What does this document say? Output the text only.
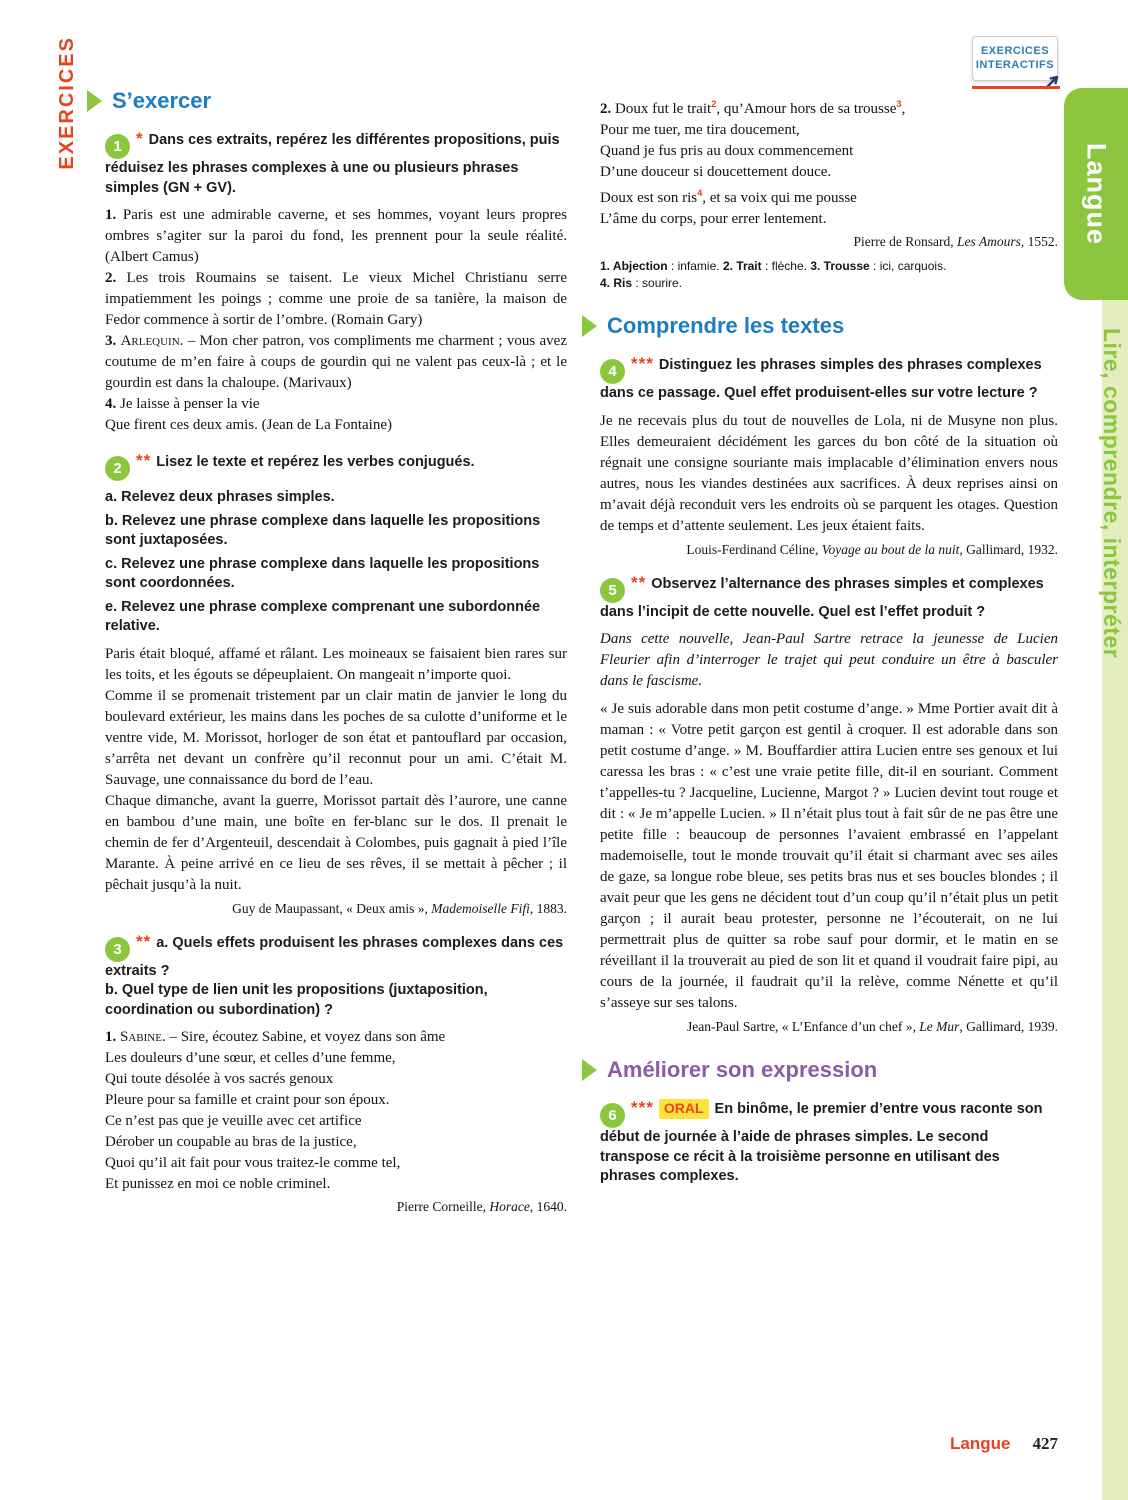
EXERCICES	EXERCICES
INTERACTIFS
Langue
Lire, comprendre, interpréter
S’exercer

1 * Dans ces extraits, repérez les différentes propositions, puis réduisez les phrases complexes à une ou plusieurs phrases simples (GN + GV).

1. Paris est une admirable caverne, et ses hommes, voyant leurs propres ombres s’agiter sur la paroi du fond, les prennent pour la seule réalité. (Albert Camus)
2. Les trois Roumains se taisent. Le vieux Michel Christianu serre impatiemment les poings ; comme une proie de sa tanière, la maison de Fedor commence à sortir de l’ombre. (Romain Gary)
3. Arlequin. – Mon cher patron, vos compliments me charment ; vous avez coutume de m’en faire à coups de gourdin qui ne valent pas ceux-là ; et le gourdin est dans la chaloupe. (Marivaux)
4. Je laisse à penser la vie
Que firent ces deux amis. (Jean de La Fontaine)

2 ** Lisez le texte et repérez les verbes conjugués.

a. Relevez deux phrases simples.

b. Relevez une phrase complexe dans laquelle les propositions sont juxtaposées.

c. Relevez une phrase complexe dans laquelle les propositions sont coordonnées.

e. Relevez une phrase complexe comprenant une subordonnée relative.

Paris était bloqué, affamé et râlant. Les moineaux se faisaient bien rares sur les toits, et les égouts se dépeuplaient. On mangeait n’importe quoi.

Comme il se promenait tristement par un clair matin de janvier le long du boulevard extérieur, les mains dans les poches de sa culotte d’uniforme et le ventre vide, M. Morissot, horloger de son état et pantouflard par occasion, s’arrêta net devant un confrère qu’il reconnut pour un ami. C’était M. Sauvage, une connaissance du bord de l’eau.

Chaque dimanche, avant la guerre, Morissot partait dès l’aurore, une canne en bambou d’une main, une boîte en fer-blanc sur le dos. Il prenait le chemin de fer d’Argenteuil, descendait à Colombes, puis gagnait à pied l’île Marante. À peine arrivé en ce lieu de ses rêves, il se mettait à pêcher ; il pêchait jusqu’à la nuit.

Guy de Maupassant, « Deux amis », Mademoiselle Fifi, 1883.

3 ** a. Quels effets produisent les phrases complexes dans ces extraits ?
b. Quel type de lien unit les propositions (juxtaposition, coordination ou subordination) ?

1. Sabine. – Sire, écoutez Sabine, et voyez dans son âme
Les douleurs d’une sœur, et celles d’une femme,
Qui toute désolée à vos sacrés genoux
Pleure pour sa famille et craint pour son époux.
Ce n’est pas que je veuille avec cet artifice
Dérober un coupable au bras de la justice,
Quoi qu’il ait fait pour vous traitez-le comme tel,
Et punissez en moi ce noble criminel.
Pierre Corneille, Horace, 1640.
2. Doux fut le trait$^2$, qu’Amour hors de sa trousse$^3$,
Pour me tuer, me tira doucement,
Quand je fus pris au doux commencement
D’une douceur si doucettement douce.
Doux est son ris$^4$, et sa voix qui me pousse
L’âme du corps, pour errer lentement.
Pierre de Ronsard, Les Amours, 1552.
1. Abjection : infamie. 2. Trait : flèche. 3. Trousse : ici, carquois.
4. Ris : sourire.
Comprendre les textes

4 *** Distinguez les phrases simples des phrases complexes dans ce passage. Quel effet produisent-elles sur votre lecture ?

Je ne recevais plus du tout de nouvelles de Lola, ni de Musyne non plus. Elles demeuraient décidément les garces du bon côté de la situation où régnait une consigne souriante mais implacable d’élimination envers nous autres, nous les viandes destinées aux sacrifices. À deux reprises ainsi on m’avait déjà reconduit vers les endroits où se parquent les otages. Question de temps et d’attente seulement. Les jeux étaient faits.
Louis-Ferdinand Céline, Voyage au bout de la nuit, Gallimard, 1932.

5 ** Observez l’alternance des phrases simples et complexes dans l’incipit de cette nouvelle. Quel est l’effet produit ?

Dans cette nouvelle, Jean-Paul Sartre retrace la jeunesse de Lucien Fleurier afin d’interroger le trajet qui peut conduire un être à basculer dans le fascisme.
« Je suis adorable dans mon petit costume d’ange. » Mme Portier avait dit à maman : « Votre petit garçon est gentil à croquer. Il est adorable dans son petit costume d’ange. » M. Bouffardier attira Lucien entre ses genoux et lui caressa les bras : « c’est une vraie petite fille, dit-il en souriant. Comment t’appelles-tu ? Jacqueline, Lucienne, Margot ? » Lucien devint tout rouge et dit : « Je m’appelle Lucien. » Il n’était plus tout à fait sûr de ne pas être une petite fille : beaucoup de personnes l’avaient embrassé en l’appelant mademoiselle, tout le monde trouvait qu’il était si charmant avec ses ailes de gaze, sa longue robe bleue, ses petits bras nus et ses boucles blondes ; il avait peur que les gens ne décident tout d’un coup qu’il n’était plus un petit garçon ; il aurait beau protester, personne ne l’écouterait, on ne lui permettrait plus de quitter sa robe sauf pour dormir, et le matin en se réveillant il la trouverait au pied de son lit et quand il voudrait faire pipi, au cours de la journée, il faudrait qu’il la relève, comme Nénette et qu’il s’asseye sur ses talons.
Jean-Paul Sartre, « L’Enfance d’un chef », Le Mur, Gallimard, 1939.
Améliorer son expression

6 *** ORAL En binôme, le premier d’entre vous raconte son début de journée à l’aide de phrases simples. Le second transpose ce récit à la troisième personne en utilisant des phrases complexes.

Langue 427
